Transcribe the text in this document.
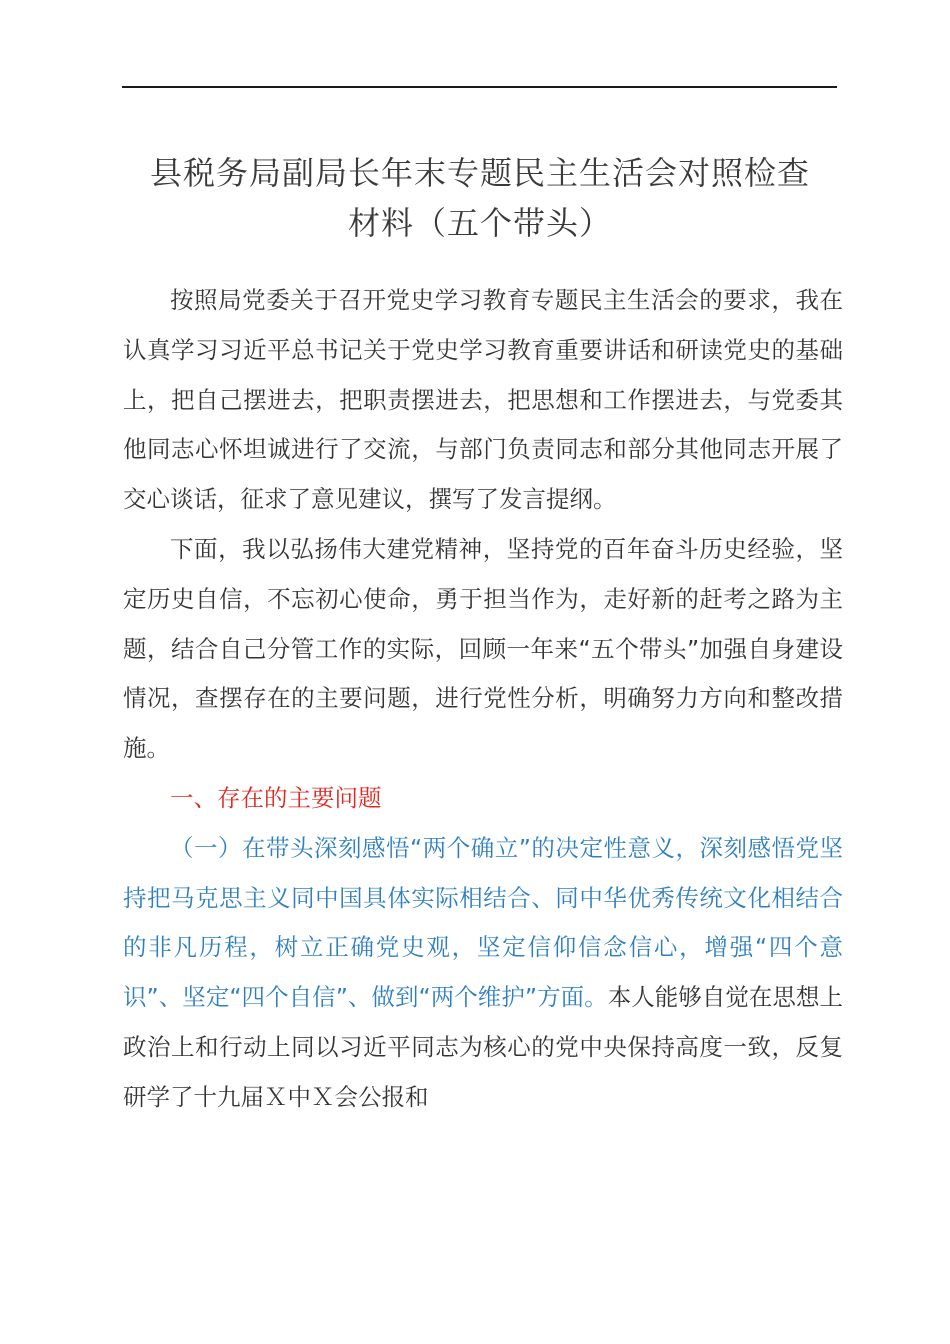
县税务局副局长年末专题民主生活会对照检查
材料（五个带头）

按照局党委关于召开党史学习教育专题民主生活会的要求，我在认真学习习近平总书记关于党史学习教育重要讲话和研读党史的基础上，把自己摆进去，把职责摆进去，把思想和工作摆进去，与党委其他同志心怀坦诚进行了交流，与部门负责同志和部分其他同志开展了交心谈话，征求了意见建议，撰写了发言提纲。

下面，我以弘扬伟大建党精神，坚持党的百年奋斗历史经验，坚定历史自信，不忘初心使命，勇于担当作为，走好新的赶考之路为主题，结合自己分管工作的实际，回顾一年来“五个带头”加强自身建设情况，查摆存在的主要问题，进行党性分析，明确努力方向和整改措施。

一、存在的主要问题

（一）在带头深刻感悟“两个确立”的决定性意义，深刻感悟党坚持把马克思主义同中国具体实际相结合、同中华优秀传统文化相结合的非凡历程，树立正确党史观，坚定信仰信念信心，增强“四个意识”、坚定“四个自信”、做到“两个维护”方面。本人能够自觉在思想上政治上和行动上同以习近平同志为核心的党中央保持高度一致，反复研学了十九届Ｘ中Ｘ会公报和
